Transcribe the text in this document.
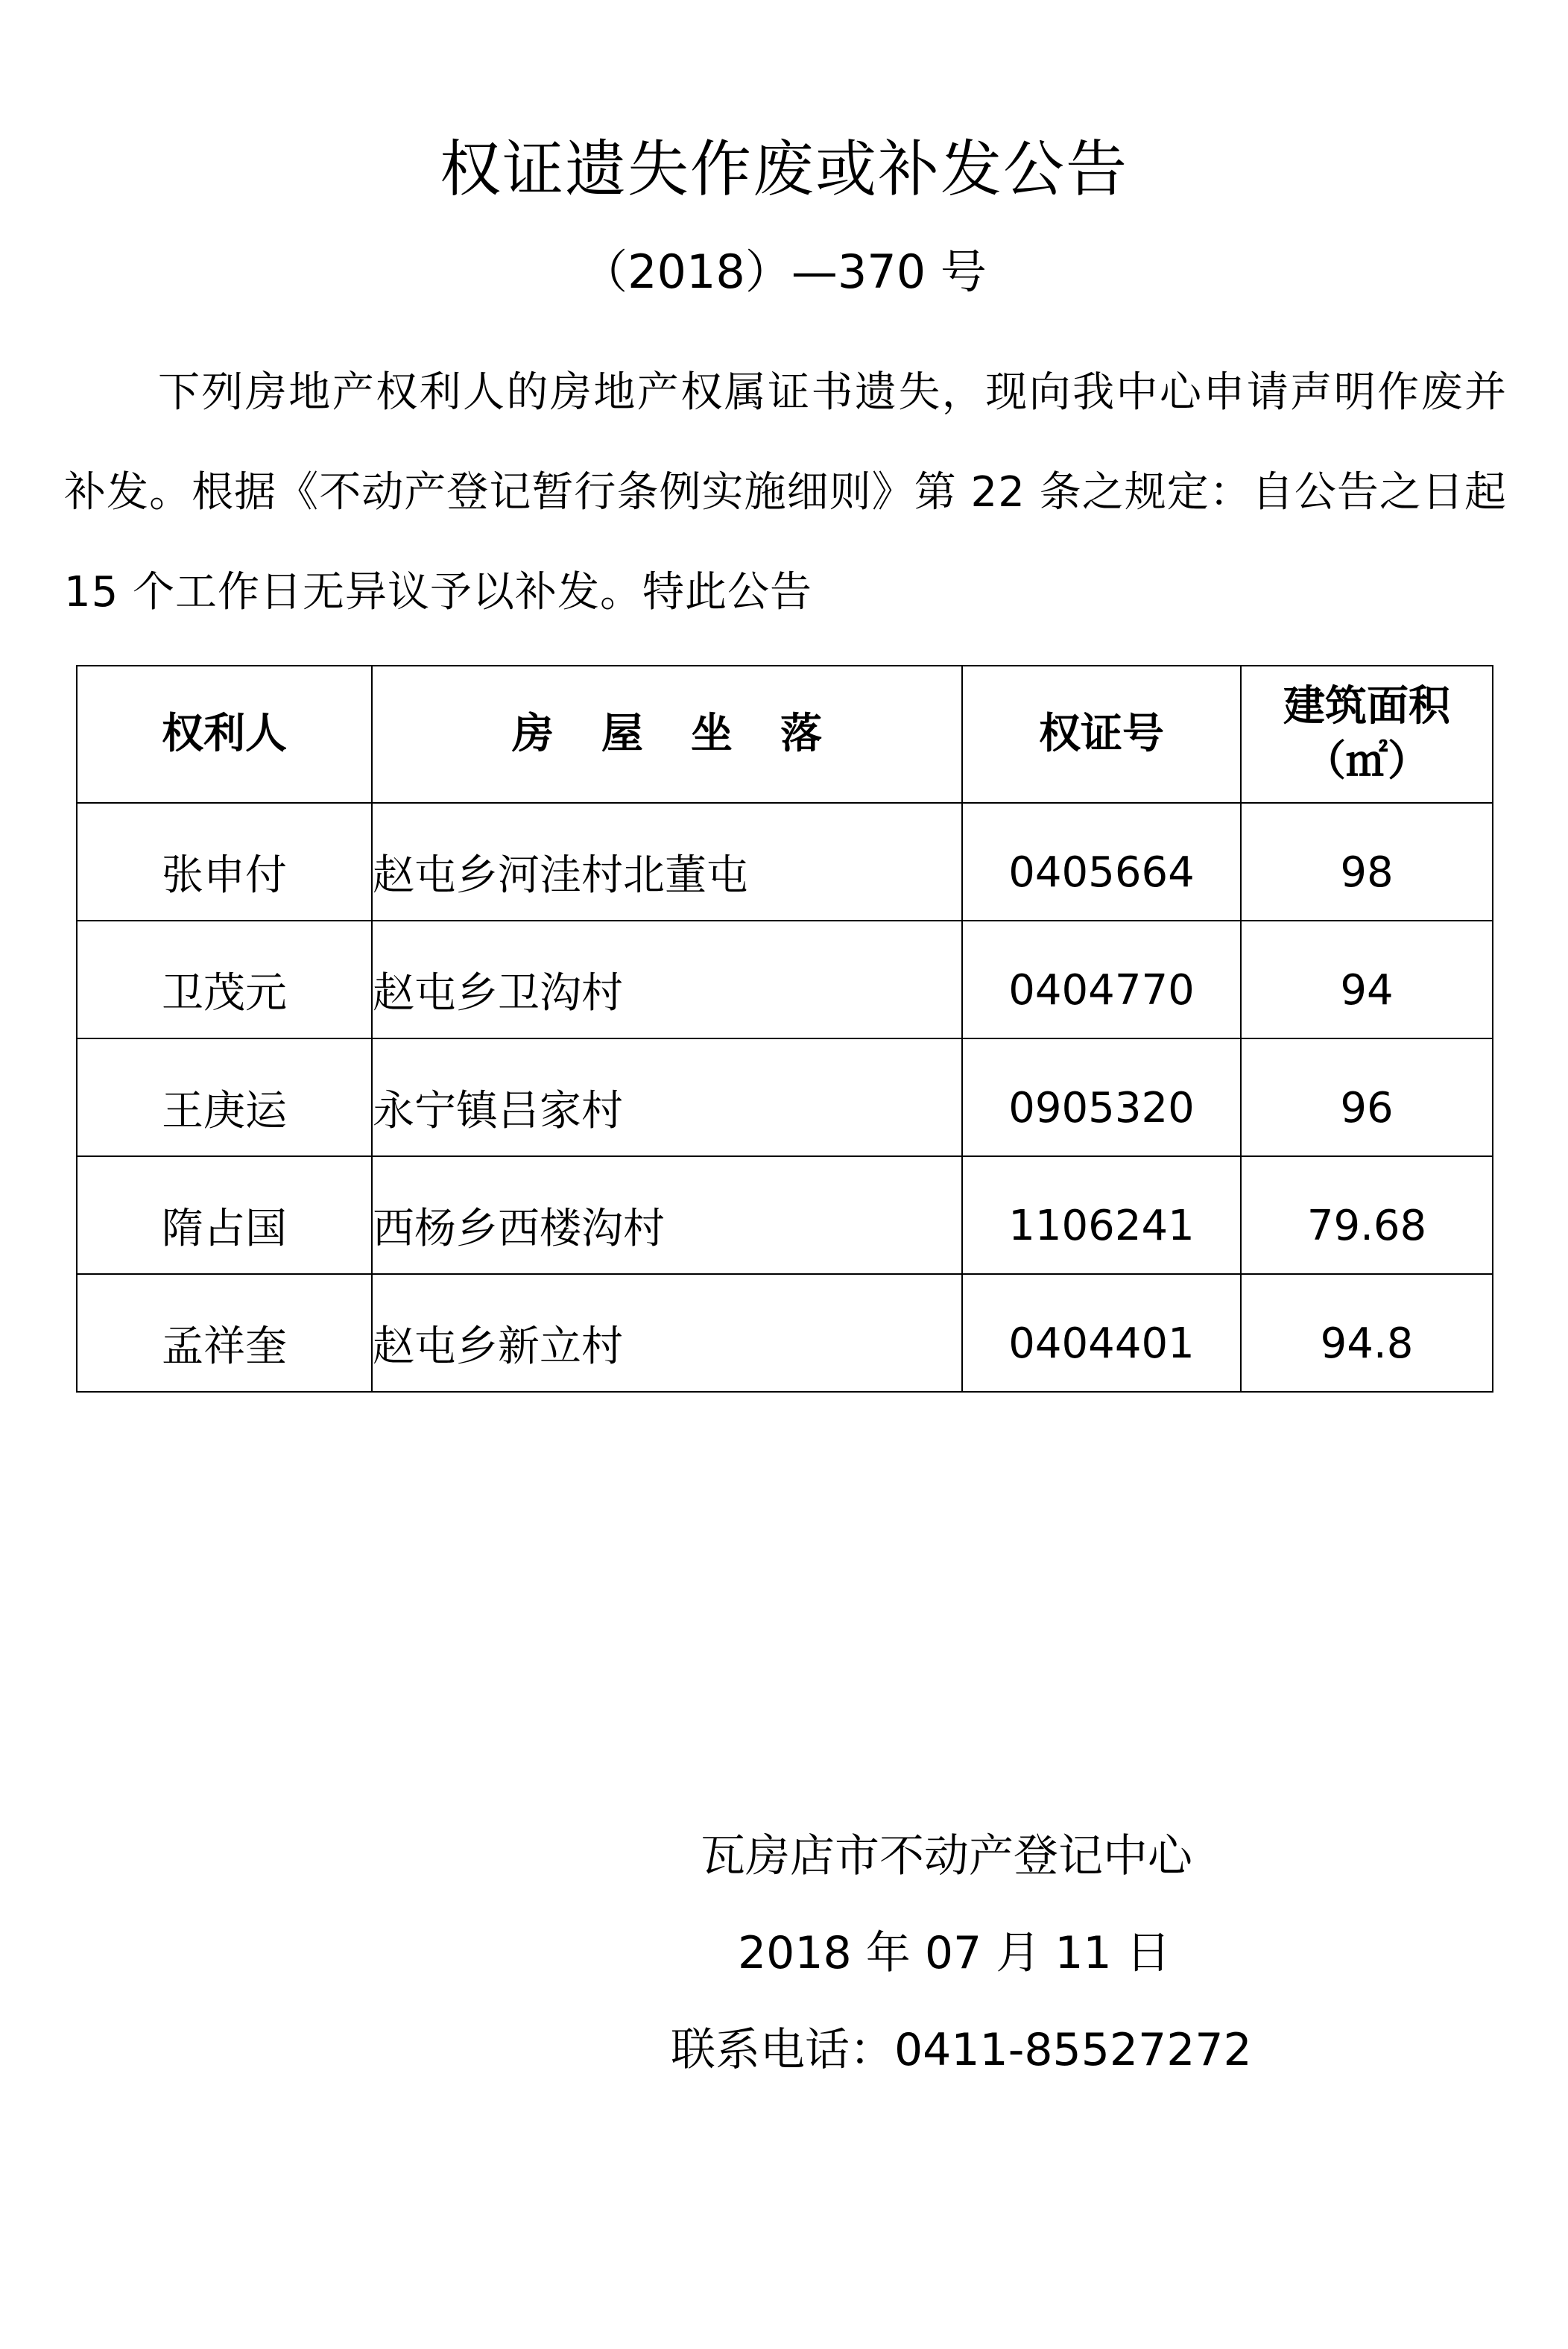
权证遗失作废或补发公告
（2018）—370 号
下列房地产权利人的房地产权属证书遗失，现向我中心申请声明作废并补发。根据《不动产登记暂行条例实施细则》第 22 条之规定：自公告之日起 15 个工作日无异议予以补发。特此公告
权利人	房屋坐落	权证号	建筑面积
（㎡）

张申付	赵屯乡河洼村北董屯	0405664	98
卫茂元	赵屯乡卫沟村	0404770	94
王庚运	永宁镇吕家村	0905320	96
隋占国	西杨乡西楼沟村	1106241	79.68
孟祥奎	赵屯乡新立村	0404401	94.8
瓦房店市不动产登记中心
2018 年 07 月 11 日
联系电话：0411-85527272
